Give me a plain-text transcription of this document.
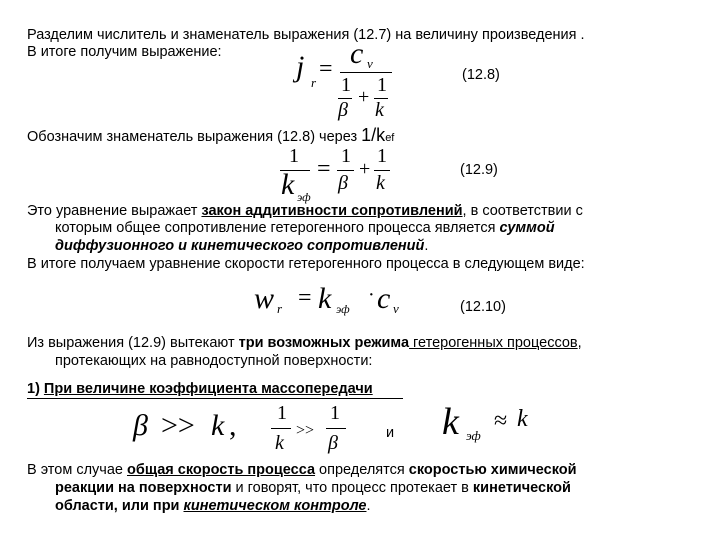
Разделим числитель и знаменатель выражения (12.7) на величину произведения .
В итоге получим выражение: j r
= c v
1 1
+
β k
(12.8)
Обозначим знаменатель выражения (12.8) через 1/kef
1
k эф
= 1
β
+
1
k
(12.9)
Это уравнение выражает закон аддитивности сопротивлений, в соответствии с
которым общее сопротивление гетерогенного процесса является суммой
диффузионного и кинетического сопротивлений.
В итоге получаем уравнение скорости гетерогенного процесса в следующем виде:
w r = k эф
· c v	(12.10)
Из выражения (12.9) вытекают три возможных режима гетерогенных процессов,
протекающих на равнодоступной поверхности:
1) При величине коэффициента массопередачи
β >> k , 1
k
>>
1
β	и k эф
≈ k
В этом случае общая скорость процесса определятся скоростью химической
реакции на поверхности и говорят, что процесс протекает в кинетической
области, или при кинетическом контроле.
